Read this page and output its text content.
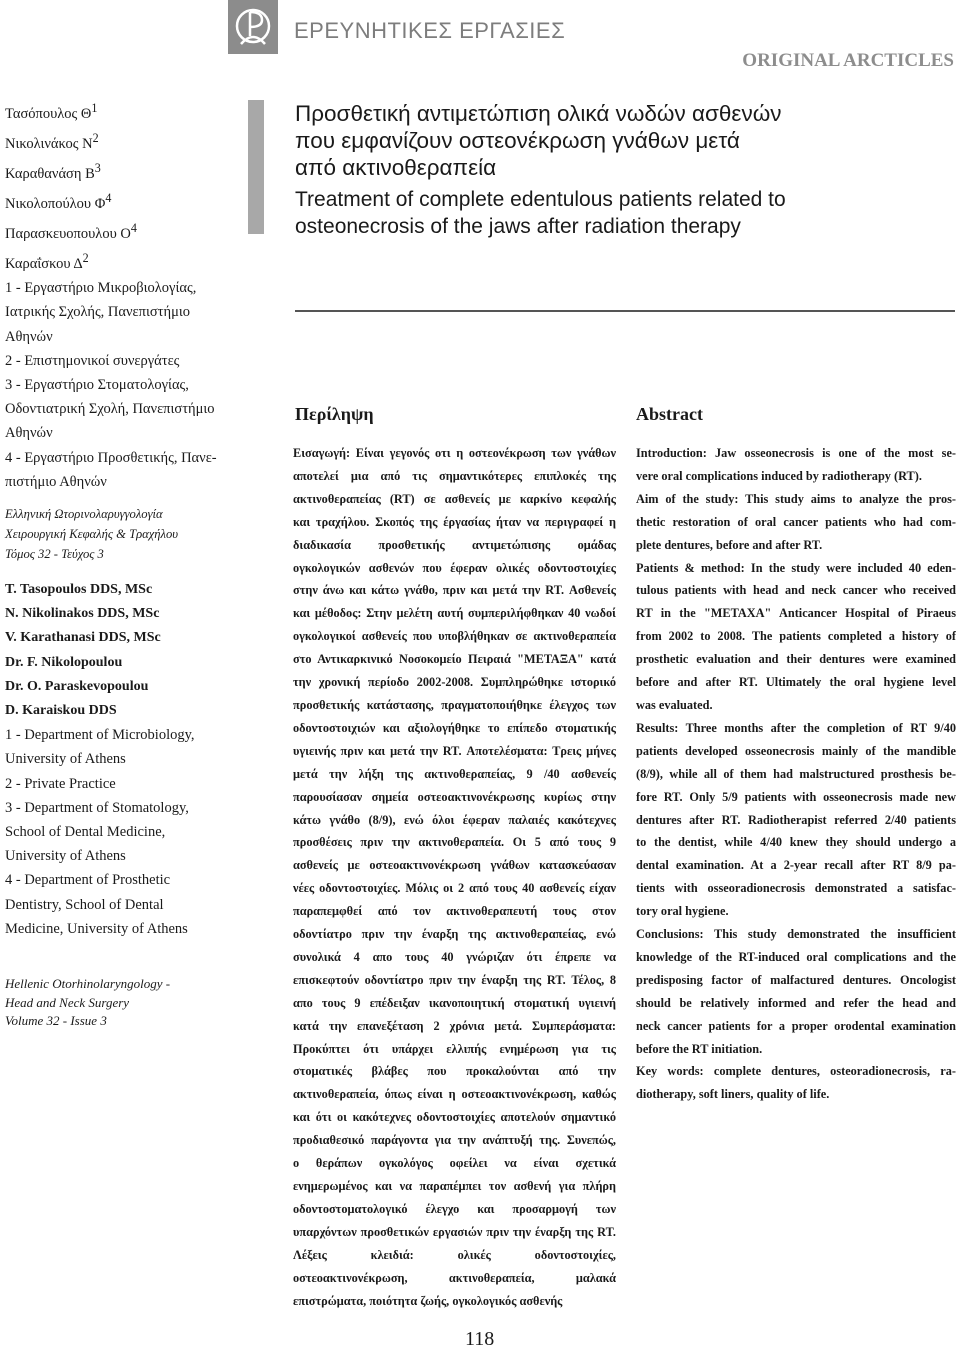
ΕΡΕΥΝΗΤΙΚΕΣ ΕΡΓΑΣΙΕΣ
ORIGINAL ARCTICLES
Τασόπουλος $\Theta^1$
Νικολινάκος $N^2$
Καραθανάση $B^3$
Νικολοπούλου $\Phi^4$
Παρασκευοπουλου $O^4$
Καραΐσκου $\Delta^2$
1 - Εργαστήριο Μικροβιολογίας,
Ιατρικής Σχολής, Πανεπιστήμιο
Αθηνών
2 - Επιστημονικοί συνεργάτες
3 - Εργαστήριο Στοματολογίας,
Οδοντιατρική Σχολή, Πανεπιστήμιο
Αθηνών
4 - Εργαστήριο Προσθετικής, Πανε-
πιστήμιο Αθηνών
Ελληνική Ωτορινολαρυγγολογία
Χειρουργική Κεφαλής & Τραχήλου
Τόμος 32 - Τεύχος 3
T. Tasopoulos DDS, MSc
N. Nikolinakos DDS, MSc
V. Karathanasi DDS, MSc
Dr. F. Nikolopoulou
Dr. O. Paraskevopoulou
D. Karaiskou DDS
1 - Department of Microbiology,
University of Athens
2 - Private Practice
3 - Department of Stomatology,
School of Dental Medicine,
University of Athens
4 - Department of Prosthetic
Dentistry, School of Dental
Medicine, University of Athens
Hellenic Otorhinolaryngology -
Head and Neck Surgery
Volume 32 - Issue 3
Προσθετική αντιμετώπιση ολικά νωδών ασθενών
που εμφανίζουν οστεονέκρωση γνάθων μετά
από ακτινοθεραπεία
Treatment of complete edentulous patients related to
osteonecrosis of the jaws after radiation therapy
Περίληψη	Abstract
Εισαγωγή: Είναι γεγονός οτι η οστεονέκρωση των γνάθων
αποτελεί μια από τις σημαντικότερες επιπλοκές της
ακτινοθεραπείας (RT) σε ασθενείς με καρκίνο κεφαλής
και τραχήλου. Σκοπός της έργασίας ήταν να περιγραφεί η
διαδικασία προσθετικής αντιμετώπισης ομάδας
ογκολογικών ασθενών που έφεραν ολικές οδοντοστοιχίες
στην άνω και κάτω γνάθο, πριν και μετά την RT. Ασθενείς
και μέθοδος: Στην μελέτη αυτή συμπεριλήφθηκαν 40 νωδοί
ογκολογικοί ασθενείς που υποβλήθηκαν σε ακτινοθεραπεία
στο Αντικαρκινικό Νοσοκομείο Πειραιά "ΜΕΤΑΞΑ" κατά
την χρονική περίοδο 2002-2008. Συμπληρώθηκε ιστορικό
προσθετικής κατάστασης, πραγματοποιήθηκε έλεγχος των
οδοντοστοιχιών και αξιολογήθηκε το επίπεδο στοματικής
υγιεινής πριν και μετά την RT. Αποτελέσματα: Τρεις μήνες
μετά την λήξη της ακτινοθεραπείας, 9 /40 ασθενείς
παρουσίασαν σημεία οστεοακτινονέκρωσης κυρίως στην
κάτω γνάθο (8/9), ενώ όλοι έφεραν παλαιές κακότεχνες
προσθέσεις πριν την ακτινοθεραπεία. Οι 5 από τους 9
ασθενείς με οστεοακτινονέκρωση γνάθων κατασκεύασαν
νέες οδοντοστοιχίες. Μόλις οι 2 από τους 40 ασθενείς είχαν
παραπεμφθεί από τον ακτινοθεραπευτή τους στον
οδοντίατρο πριν την έναρξη της ακτινοθεραπείας, ενώ
συνολικά 4 απο τους 40 γνώριζαν ότι έπρεπε να
επισκεφτούν οδοντίατρο πριν την έναρξη της RT. Τέλος, 8
απο τους 9 επέδειξαν ικανοποιητική στοματική υγιεινή
κατά την επανεξέταση 2 χρόνια μετά. Συμπεράσματα:
Προκύπτει ότι υπάρχει ελλιπής ενημέρωση για τις
στοματικές βλάβες που προκαλούνται από την
ακτινοθεραπεία, όπως είναι η οστεοακτινονέκρωση, καθώς
και ότι οι κακότεχνες οδοντοστοιχίες αποτελούν σημαντικό
προδιαθεσικό παράγοντα για την ανάπτυξή της. Συνεπώς,
ο θεράπων ογκολόγος οφείλει να είναι σχετικά
ενημερωμένος και να παραπέμπει τον ασθενή για πλήρη
οδοντοστοματολογικό έλεγχο και προσαρμογή των
υπαρχόντων προσθετικών εργασιών πριν την έναρξη της RT.
Λέξεις κλειδιά: ολικές οδοντοστοιχίες,
οστεοακτινονέκρωση, ακτινοθεραπεία, μαλακά
επιστρώματα, ποιότητα ζωής, ογκολογικός ασθενής
Introduction: Jaw osseonecrosis is one of the most se-
vere oral complications induced by radiotherapy (RT).
Aim of the study: This study aims to analyze the pros-
thetic restoration of oral cancer patients who had com-
plete dentures, before and after RT.
Patients & method: In the study were included 40 eden-
tulous patients with head and neck cancer who received
RT in the "METAXA" Anticancer Hospital of Piraeus
from 2002 to 2008. The patients completed a history of
prosthetic evaluation and their dentures were examined
before and after RT. Ultimately the oral hygiene level
was evaluated.
Results: Three months after the completion of RT 9/40
patients developed osseonecrosis mainly of the mandible
(8/9), while all of them had malstructured prosthesis be-
fore RT. Only 5/9 patients with osseonecrosis made new
dentures after RT. Radiotherapist referred 2/40 patients
to the dentist, while 4/40 knew they should undergo a
dental examination. At a 2-year recall after RT 8/9 pa-
tients with osseoradionecrosis demonstrated a satisfac-
tory oral hygiene.
Conclusions: This study demonstrated the insufficient
knowledge of the RT-induced oral complications and the
predisposing factor of malfactured dentures. Oncologist
should be relatively informed and refer the head and
neck cancer patients for a proper orodental examination
before the RT initiation.
Key words: complete dentures, osteoradionecrosis, ra-
diotherapy, soft liners, quality of life.
118
